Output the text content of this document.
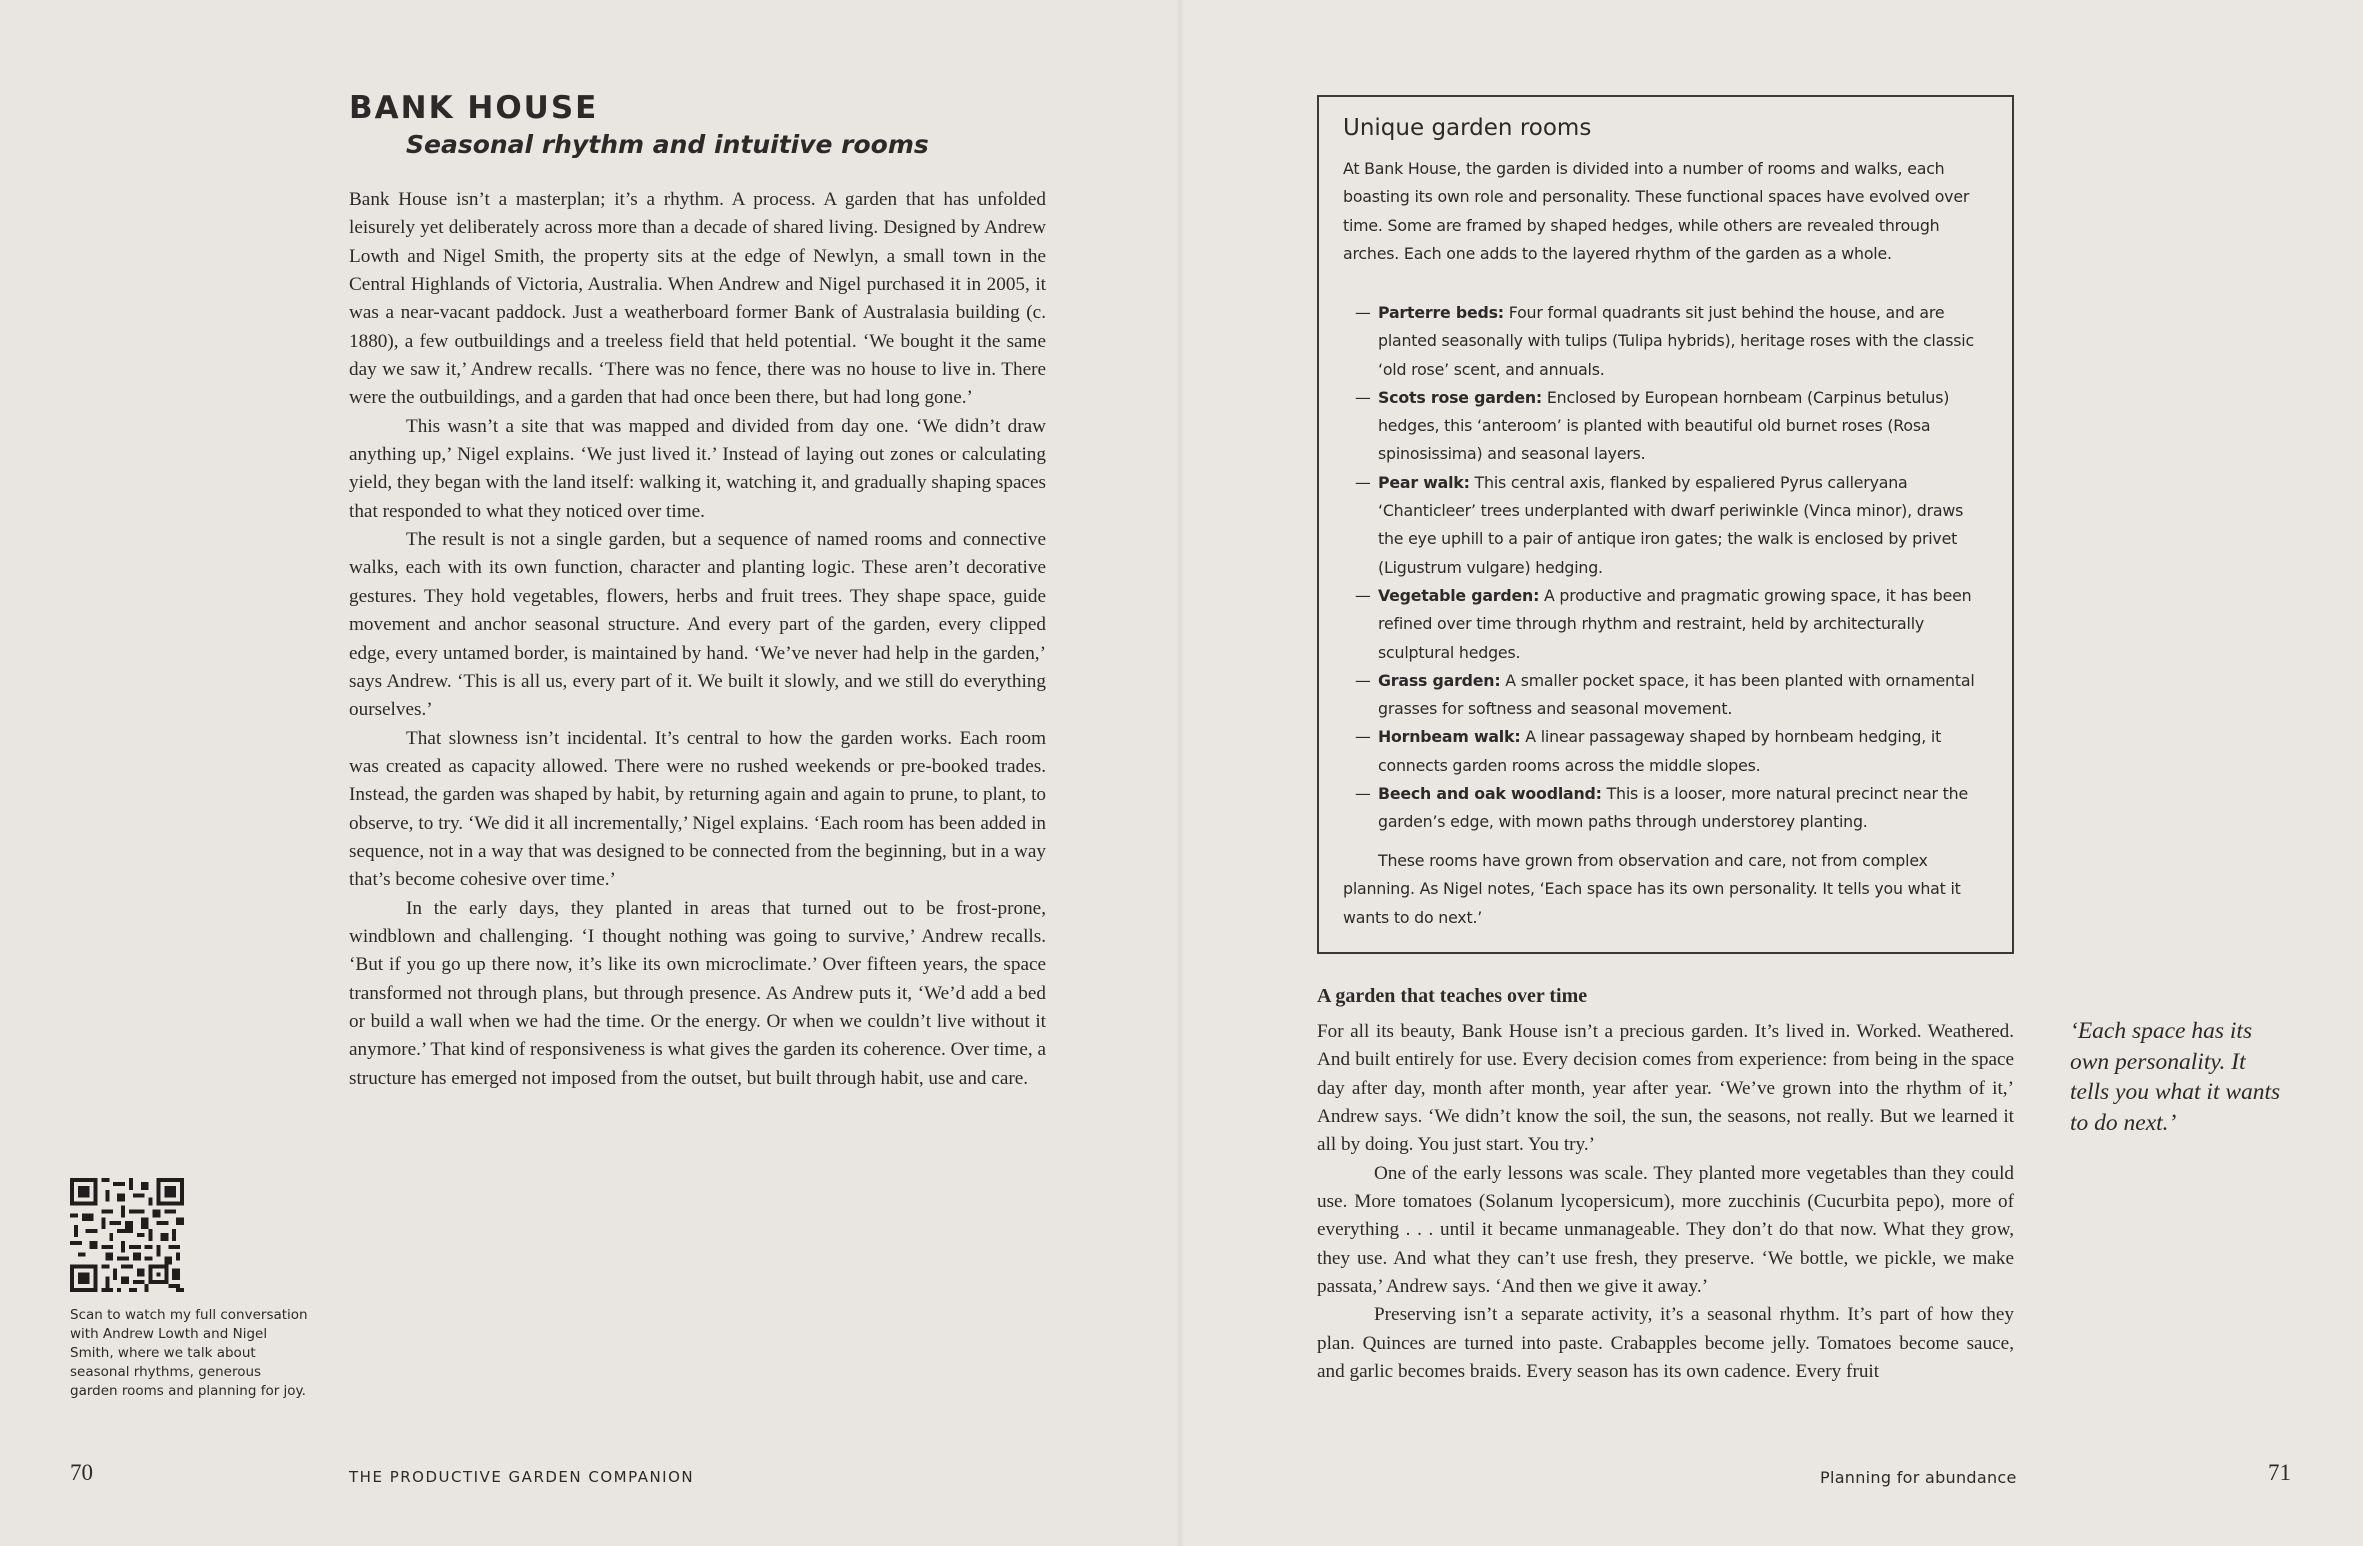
BANK HOUSE
Seasonal rhythm and intuitive rooms

Bank House isn’t a masterplan; it’s a rhythm. A process. A garden that has unfolded leisurely yet deliberately across more than a decade of shared living. Designed by Andrew Lowth and Nigel Smith, the property sits at the edge of Newlyn, a small town in the Central Highlands of Victoria, Australia. When Andrew and Nigel purchased it in 2005, it was a near-vacant paddock. Just a weatherboard former Bank of Australasia building (c. 1880), a few outbuildings and a treeless field that held potential. ‘We bought it the same day we saw it,’ Andrew recalls. ‘There was no fence, there was no house to live in. There were the outbuildings, and a garden that had once been there, but had long gone.’

This wasn’t a site that was mapped and divided from day one. ‘We didn’t draw anything up,’ Nigel explains. ‘We just lived it.’ Instead of laying out zones or calculating yield, they began with the land itself: walking it, watching it, and gradually shaping spaces that responded to what they noticed over time.

The result is not a single garden, but a sequence of named rooms and connective walks, each with its own function, character and planting logic. These aren’t decorative gestures. They hold vegetables, flowers, herbs and fruit trees. They shape space, guide movement and anchor seasonal structure. And every part of the garden, every clipped edge, every untamed border, is maintained by hand. ‘We’ve never had help in the garden,’ says Andrew. ‘This is all us, every part of it. We built it slowly, and we still do everything ourselves.’

That slowness isn’t incidental. It’s central to how the garden works. Each room was created as capacity allowed. There were no rushed weekends or pre-booked trades. Instead, the garden was shaped by habit, by returning again and again to prune, to plant, to observe, to try. ‘We did it all incrementally,’ Nigel explains. ‘Each room has been added in sequence, not in a way that was designed to be connected from the beginning, but in a way that’s become cohesive over time.’

In the early days, they planted in areas that turned out to be frost-prone, windblown and challenging. ‘I thought nothing was going to survive,’ Andrew recalls. ‘But if you go up there now, it’s like its own microclimate.’ Over fifteen years, the space transformed not through plans, but through presence. As Andrew puts it, ‘We’d add a bed or build a wall when we had the time. Or the energy. Or when we couldn’t live without it anymore.’ That kind of responsiveness is what gives the garden its coherence. Over time, a structure has emerged not imposed from the outset, but built through habit, use and care.

Scan to watch my full conversation with Andrew Lowth and Nigel Smith, where we talk about seasonal rhythms, generous garden rooms and planning for joy.

70	THE PRODUCTIVE GARDEN COMPANION

Unique garden rooms

At Bank House, the garden is divided into a number of rooms and walks, each boasting its own role and personality. These functional spaces have evolved over time. Some are framed by shaped hedges, while others are revealed through arches. Each one adds to the layered rhythm of the garden as a whole.

— Parterre beds: Four formal quadrants sit just behind the house, and are planted seasonally with tulips (Tulipa hybrids), heritage roses with the classic ‘old rose’ scent, and annuals.
— Scots rose garden: Enclosed by European hornbeam (Carpinus betulus) hedges, this ‘anteroom’ is planted with beautiful old burnet roses (Rosa spinosissima) and seasonal layers.
— Pear walk: This central axis, flanked by espaliered Pyrus calleryana ‘Chanticleer’ trees underplanted with dwarf periwinkle (Vinca minor), draws the eye uphill to a pair of antique iron gates; the walk is enclosed by privet (Ligustrum vulgare) hedging.
— Vegetable garden: A productive and pragmatic growing space, it has been refined over time through rhythm and restraint, held by architecturally sculptural hedges.
— Grass garden: A smaller pocket space, it has been planted with ornamental grasses for softness and seasonal movement.
— Hornbeam walk: A linear passageway shaped by hornbeam hedging, it connects garden rooms across the middle slopes.
— Beech and oak woodland: This is a looser, more natural precinct near the garden’s edge, with mown paths through understorey planting.

These rooms have grown from observation and care, not from complex planning. As Nigel notes, ‘Each space has its own personality. It tells you what it wants to do next.’

A garden that teaches over time

For all its beauty, Bank House isn’t a precious garden. It’s lived in. Worked. Weathered. And built entirely for use. Every decision comes from experience: from being in the space day after day, month after month, year after year. ‘We’ve grown into the rhythm of it,’ Andrew says. ‘We didn’t know the soil, the sun, the seasons, not really. But we learned it all by doing. You just start. You try.’

One of the early lessons was scale. They planted more vegetables than they could use. More tomatoes (Solanum lycopersicum), more zucchinis (Cucurbita pepo), more of everything . . . until it became unmanageable. They don’t do that now. What they grow, they use. And what they can’t use fresh, they preserve. ‘We bottle, we pickle, we make passata,’ Andrew says. ‘And then we give it away.’

Preserving isn’t a separate activity, it’s a seasonal rhythm. It’s part of how they plan. Quinces are turned into paste. Crabapples become jelly. Tomatoes become sauce, and garlic becomes braids. Every season has its own cadence. Every fruit

‘Each space has its own personality. It tells you what it wants to do next.’

Planning for abundance	71
